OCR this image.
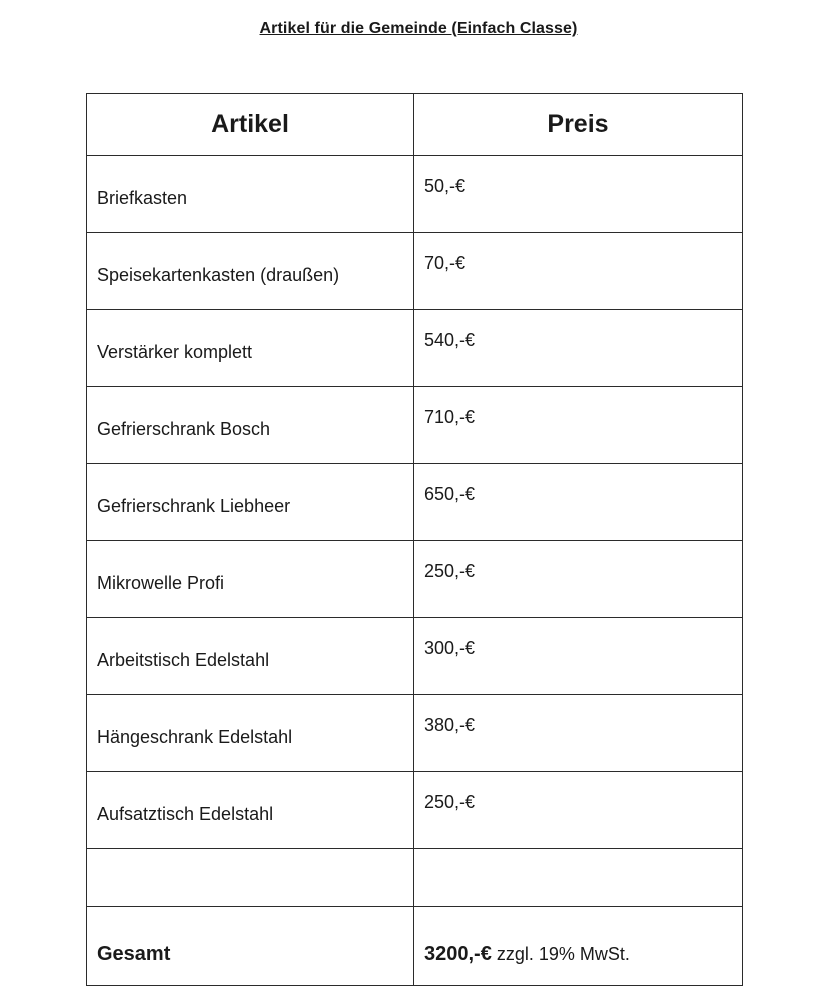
Artikel für die Gemeinde (Einfach Classe)
Artikel	Preis
Briefkasten	50,-€
Speisekartenkasten (draußen)	70,-€
Verstärker komplett	540,-€
Gefrierschrank Bosch	710,-€
Gefrierschrank Liebheer	650,-€
Mikrowelle Profi	250,-€
Arbeitstisch Edelstahl	300,-€
Hängeschrank Edelstahl	380,-€
Aufsatztisch Edelstahl	250,-€

Gesamt	3200,-€ zzgl. 19% MwSt.
